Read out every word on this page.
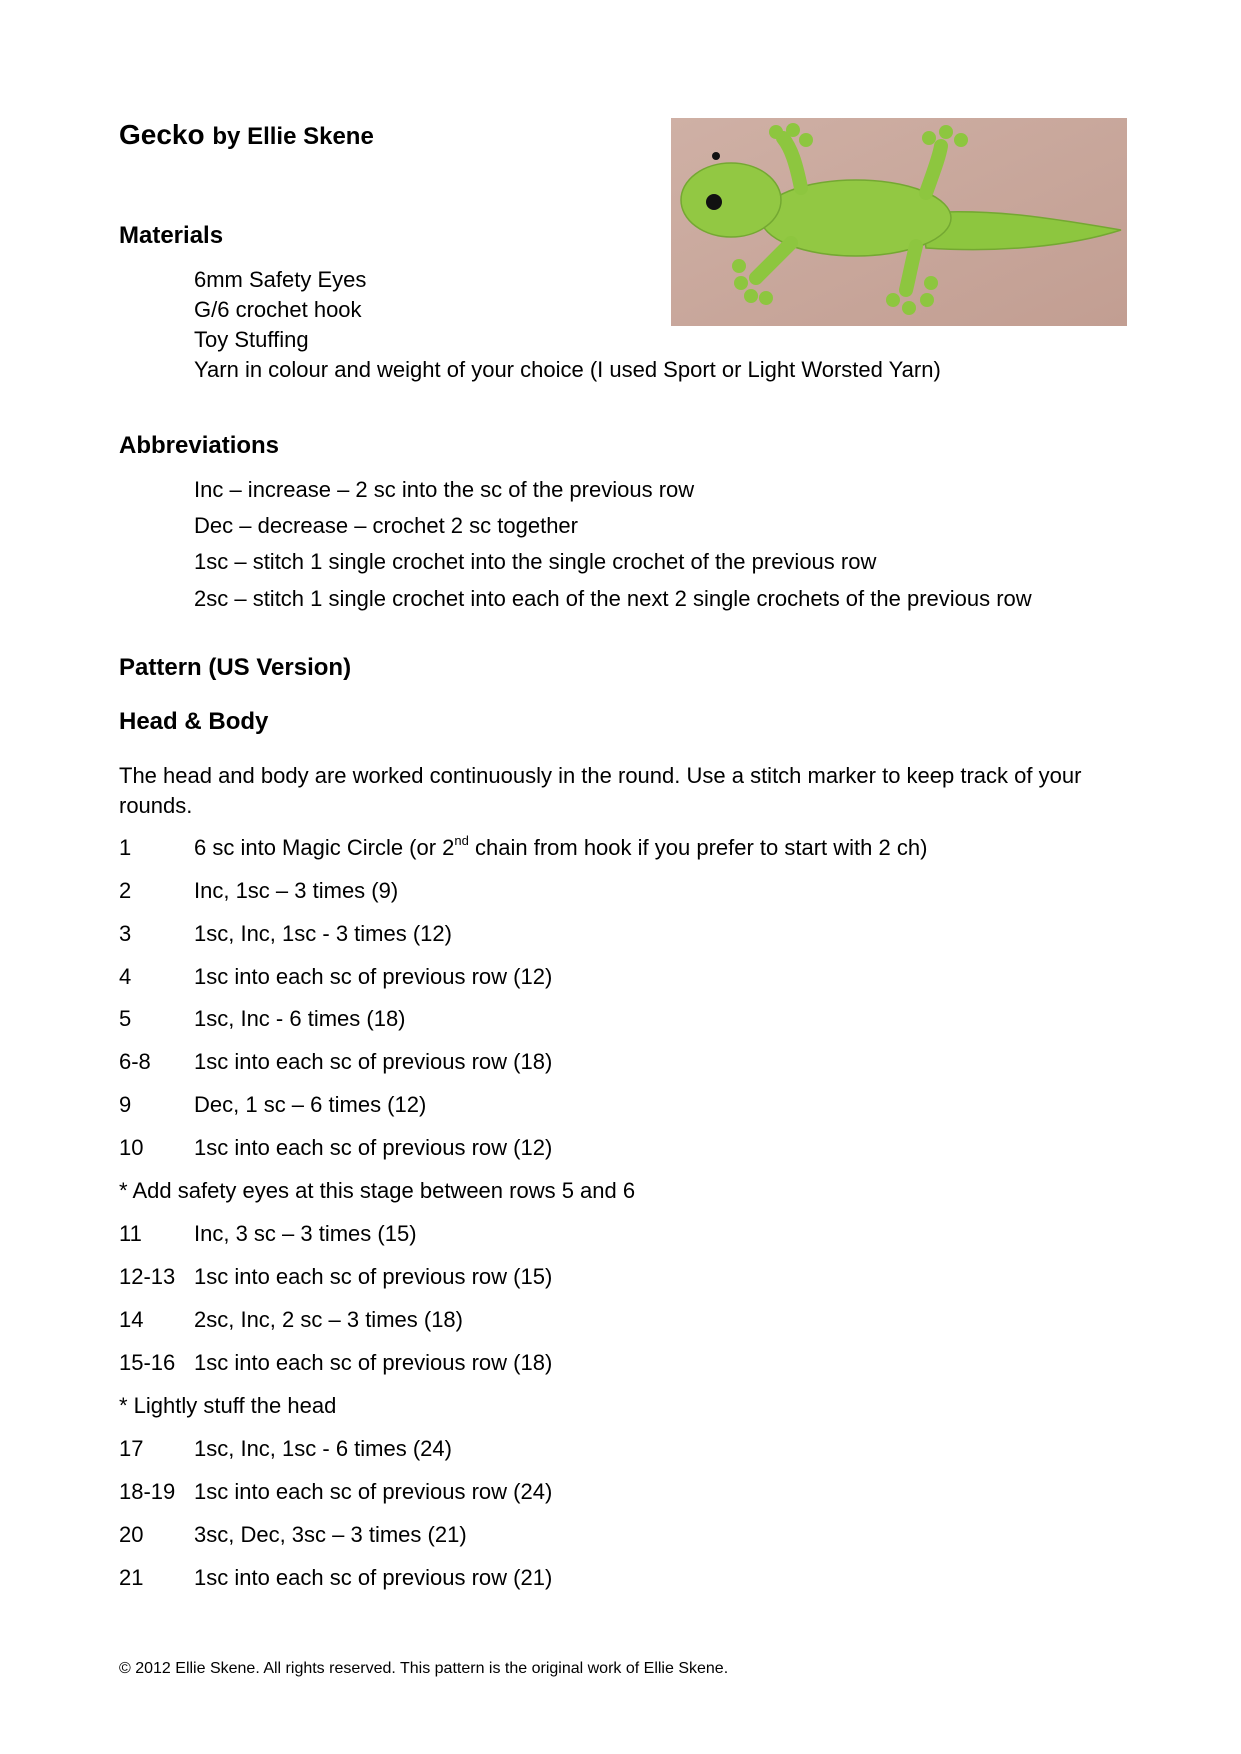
Gecko by Ellie Skene
Materials
6mm Safety Eyes
G/6 crochet hook
Toy Stuffing
Yarn in colour and weight of your choice (I used Sport or Light Worsted Yarn)
Abbreviations
Inc – increase – 2 sc into the sc of the previous row
Dec – decrease – crochet 2 sc together
1sc – stitch 1 single crochet into the single crochet of the previous row
2sc – stitch 1 single crochet into each of the next 2 single crochets of the previous row
Pattern (US Version)
Head & Body
The head and body are worked continuously in the round. Use a stitch marker to keep track of your
rounds.
1	6 sc into Magic Circle (or 2nd chain from hook if you prefer to start with 2 ch)
2	Inc, 1sc – 3 times (9)
3	1sc, Inc, 1sc - 3 times (12)
4	1sc into each sc of previous row (12)
5	1sc, Inc - 6 times (18)
6-8 1sc into each sc of previous row (18)
9	Dec, 1 sc – 6 times (12)
10 1sc into each sc of previous row (12)
* Add safety eyes at this stage between rows 5 and 6
11 Inc, 3 sc – 3 times (15)
12-13 1sc into each sc of previous row (15)
14 2sc, Inc, 2 sc – 3 times (18)
15-16 1sc into each sc of previous row (18)
* Lightly stuff the head
17 1sc, Inc, 1sc - 6 times (24)
18-19 1sc into each sc of previous row (24)
20 3sc, Dec, 3sc – 3 times (21)
21 1sc into each sc of previous row (21)
© 2012 Ellie Skene. All rights reserved. This pattern is the original work of Ellie Skene.
